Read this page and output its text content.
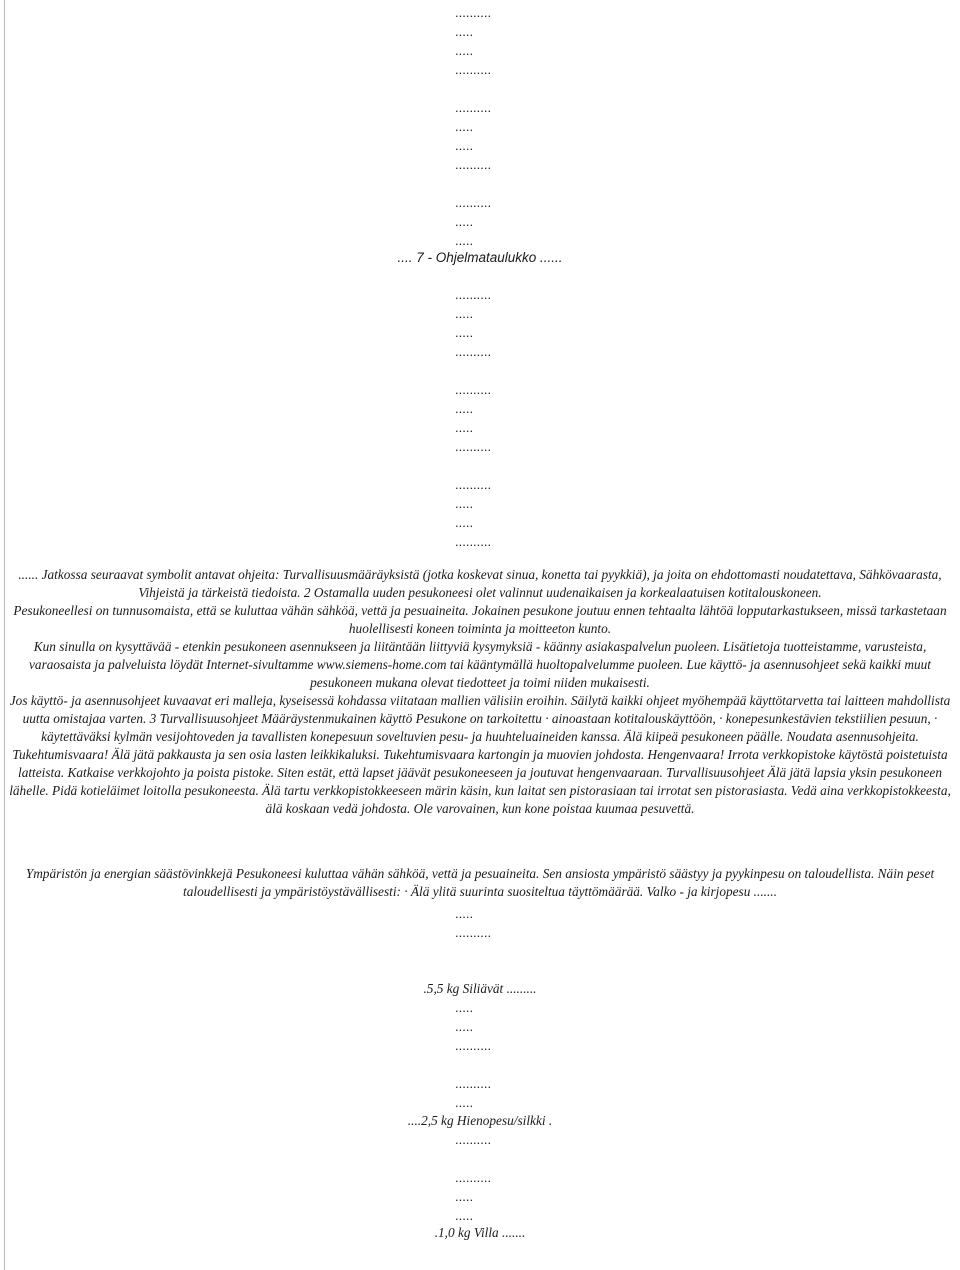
..........
.....
.....
..........
..........
.....
.....
..........
..........
.....
.....
.... 7 - Ohjelmataulukko ......
..........
.....
.....
..........
..........
.....
.....
..........
..........
.....
.....
..........

...... Jatkossa seuraavat symbolit antavat ohjeita: Turvallisuusmääräyksistä (jotka koskevat sinua, konetta tai pyykkiä), ja joita on ehdottomasti noudatettava, Sähkövaarasta, Vihjeistä ja tärkeistä tiedoista. 2 Ostamalla uuden pesukoneesi olet valinnut uudenaikaisen ja korkealaatuisen kotitalouskoneen.

Pesukoneellesi on tunnusomaista, että se kuluttaa vähän sähköä, vettä ja pesuaineita. Jokainen pesukone joutuu ennen tehtaalta lähtöä lopputarkastukseen, missä tarkastetaan huolellisesti koneen toiminta ja moitteeton kunto.

Kun sinulla on kysyttävää - etenkin pesukoneen asennukseen ja liitäntään liittyviä kysymyksiä - käänny asiakaspalvelun puoleen. Lisätietoja tuotteistamme, varusteista, varaosaista ja palveluista löydät Internet-sivultamme www.siemens-home.com tai kääntymällä huoltopalvelumme puoleen. Lue käyttö- ja asennusohjeet sekä kaikki muut pesukoneen mukana olevat tiedotteet ja toimi niiden mukaisesti.

Jos käyttö- ja asennusohjeet kuvaavat eri malleja, kyseisessä kohdassa viitataan mallien välisiin eroihin. Säilytä kaikki ohjeet myöhempää käyttötarvetta tai laitteen mahdollista uutta omistajaa varten. 3 Turvallisuusohjeet Määräystenmukainen käyttö Pesukone on tarkoitettu · ainoastaan kotitalouskäyttöön, · konepesunkestävien tekstiilien pesuun, · käytettäväksi kylmän vesijohtoveden ja tavallisten konepesuun soveltuvien pesu- ja huuhteluaineiden kanssa. Älä kiipeä pesukoneen päälle. Noudata asennusohjeita.

Tukehtumisvaara! Älä jätä pakkausta ja sen osia lasten leikkikaluksi. Tukehtumisvaara kartongin ja muovien johdosta. Hengenvaara! Irrota verkkopistoke käytöstä poistetuista latteista. Katkaise verkkojohto ja poista pistoke. Siten estät, että lapset jäävät pesukoneeseen ja joutuvat hengenvaaraan. Turvallisuusohjeet Älä jätä lapsia yksin pesukoneen lähelle. Pidä kotieläimet loitolla pesukoneesta. Älä tartu verkkopistokkeeseen märin käsin, kun laitat sen pistorasiaan tai irrotat sen pistorasiasta. Vedä aina verkkopistokkeesta, älä koskaan vedä johdosta. Ole varovainen, kun kone poistaa kuumaa pesuvettä.

Ympäristön ja energian säästövinkkejä Pesukoneesi kuluttaa vähän sähköä, vettä ja pesuaineita. Sen ansiosta ympäristö säästyy ja pyykinpesu on taloudellista. Näin peset taloudellisesti ja ympäristöystävällisesti: · Älä ylitä suurinta suositeltua täyttömäärää. Valko - ja kirjopesu .......
.....
..........
.5,5 kg Siliävät .........
.....
.....
..........
..........
.....
....2,5 kg Hienopesu/silkki .
..........
..........
.....
.....
.1,0 kg Villa .......
